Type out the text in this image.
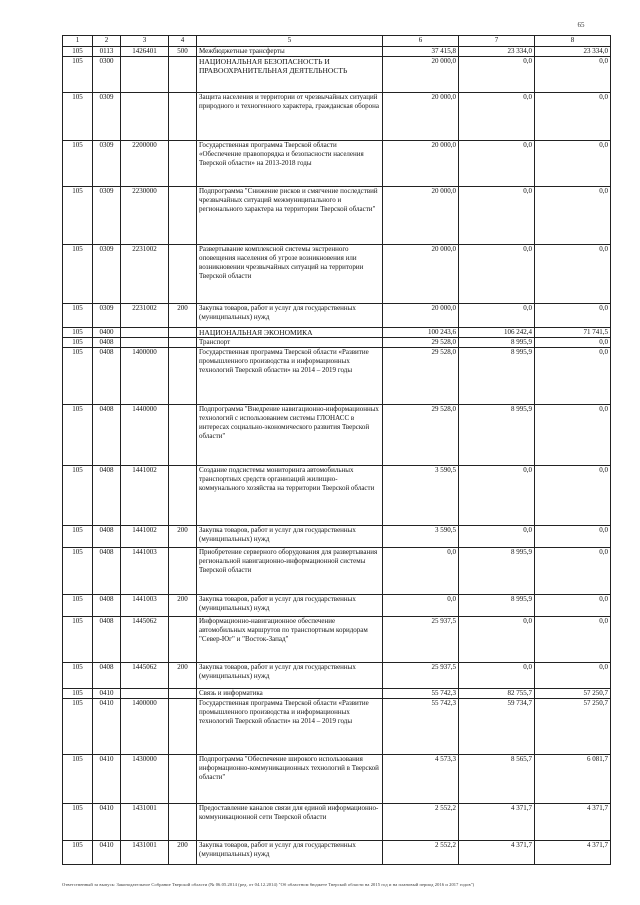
65
1	2	3	4	5	6	7	8
105	0113	1426401	500	Межбюджетные трансферты	37 415,8	23 334,0	23 334,0
105	0300			НАЦИОНАЛЬНАЯ БЕЗОПАСНОСТЬ И ПРАВООХРАНИТЕЛЬНАЯ ДЕЯТЕЛЬНОСТЬ	20 000,0	0,0	0,0
105	0309			Защита населения и территории от чрезвычайных ситуаций природного и техногенного характера, гражданская оборона	20 000,0	0,0	0,0
105	0309	2200000		Государственная программа Тверской области «Обеспечение правопорядка и безопасности населения Тверской области» на 2013-2018 годы	20 000,0	0,0	0,0
105	0309	2230000		Подпрограмма "Снижение рисков и смягчение последствий чрезвычайных ситуаций межмуниципального и регионального характера на территории Тверской области"	20 000,0	0,0	0,0
105	0309	2231002		Развертывание комплексной системы экстренного оповещения населения об угрозе возникновения или возникновении чрезвычайных ситуаций на территории Тверской области	20 000,0	0,0	0,0
105	0309	2231002	200	Закупка товаров, работ и услуг для государственных (муниципальных) нужд	20 000,0	0,0	0,0
105	0400			НАЦИОНАЛЬНАЯ ЭКОНОМИКА	100 243,6	106 242,4	71 741,5
105	0408			Транспорт	29 528,0	8 995,9	0,0
105	0408	1400000		Государственная программа Тверской области «Развитие промышленного производства и информационных технологий Тверской области» на 2014 – 2019 годы	29 528,0	8 995,9	0,0
105	0408	1440000		Подпрограмма "Внедрение навигационно-информационных технологий с использованием системы ГЛОНАСС в интересах социально-экономического развития Тверской области"	29 528,0	8 995,9	0,0
105	0408	1441002		Создание подсистемы мониторинга автомобильных транспортных средств организаций жилищно-коммунального хозяйства на территории Тверской области	3 590,5	0,0	0,0
105	0408	1441002	200	Закупка товаров, работ и услуг для государственных (муниципальных) нужд	3 590,5	0,0	0,0
105	0408	1441003		Приобретение серверного оборудования для развертывания региональной навигационно-информационной системы Тверской области	0,0	8 995,9	0,0
105	0408	1441003	200	Закупка товаров, работ и услуг для государственных (муниципальных) нужд	0,0	8 995,9	0,0
105	0408	1445062		Информационно-навигационное обеспечение автомобильных маршрутов по транспортным коридорам "Север-Юг" и "Восток-Запад"	25 937,5	0,0	0,0
105	0408	1445062	200	Закупка товаров, работ и услуг для государственных (муниципальных) нужд	25 937,5	0,0	0,0
105	0410			Связь и информатика	55 742,3	82 755,7	57 250,7
105	0410	1400000		Государственная программа Тверской области «Развитие промышленного производства и информационных технологий Тверской области» на 2014 – 2019 годы	55 742,3	59 734,7	57 250,7
105	0410	1430000		Подпрограмма "Обеспечение широкого использования информационно-коммуникационных технологий в Тверской области"	4 573,3	8 565,7	6 081,7
105	0410	1431001		Предоставление каналов связи для единой информационно-коммуникационной сети Тверской области	2 552,2	4 371,7	4 371,7
105	0410	1431001	200	Закупка товаров, работ и услуг для государственных (муниципальных) нужд	2 552,2	4 371,7	4 371,7
Ответственный за выпуск: Законодательное Собрание Тверской области (№ 06.05.2014 (ред. от 04.12.2014) "Об областном бюджете Тверской области на 2015 год и на плановый период 2016 и 2017 годов")
